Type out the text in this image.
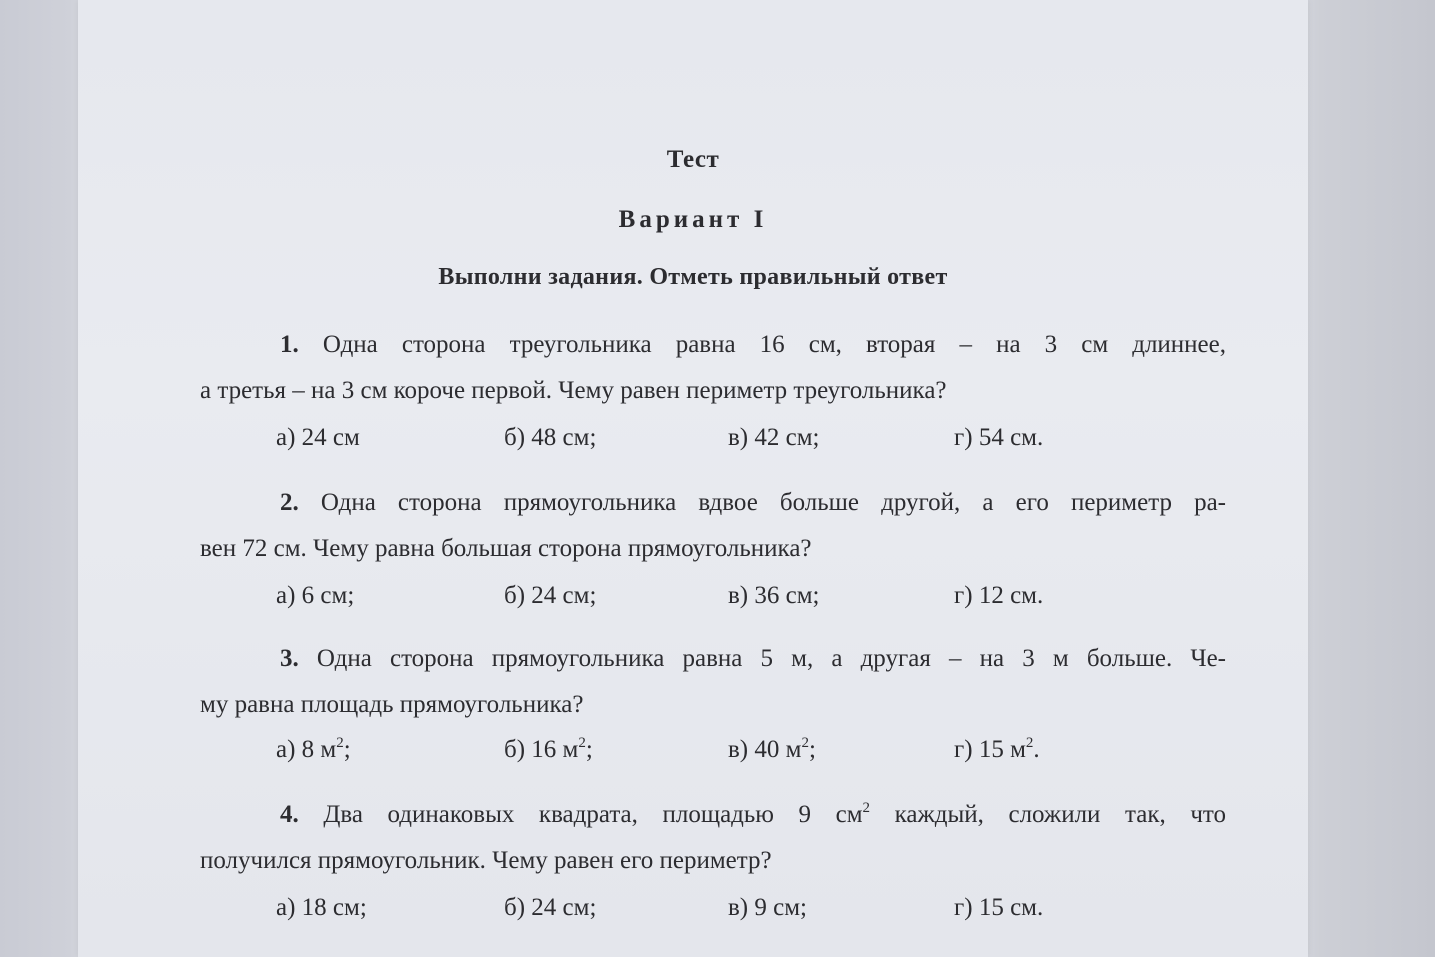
Тест
Вариант I
Выполни задания. Отметь правильный ответ
1. Одна сторона треугольника равна 16 см, вторая – на 3 см длиннее,
а третья – на 3 см короче первой. Чему равен периметр треугольника?
а) 24 см	б) 48 см;	в) 42 см;	г) 54 см.
2. Одна сторона прямоугольника вдвое больше другой, а его периметр ра-
вен 72 см. Чему равна большая сторона прямоугольника?
а) 6 см;	б) 24 см;	в) 36 см;	г) 12 см.
3. Одна сторона прямоугольника равна 5 м, а другая – на 3 м больше. Че-
му равна площадь прямоугольника?
а) 8 $м^2$;	б) 16 $м^2$;	в) 40 $м^2$;	г) 15 $м^2$.
4. Два одинаковых квадрата, площадью 9 $см^2$ каждый, сложили так, что
получился прямоугольник. Чему равен его периметр?
а) 18 см;	б) 24 см;	в) 9 см;	г) 15 см.
